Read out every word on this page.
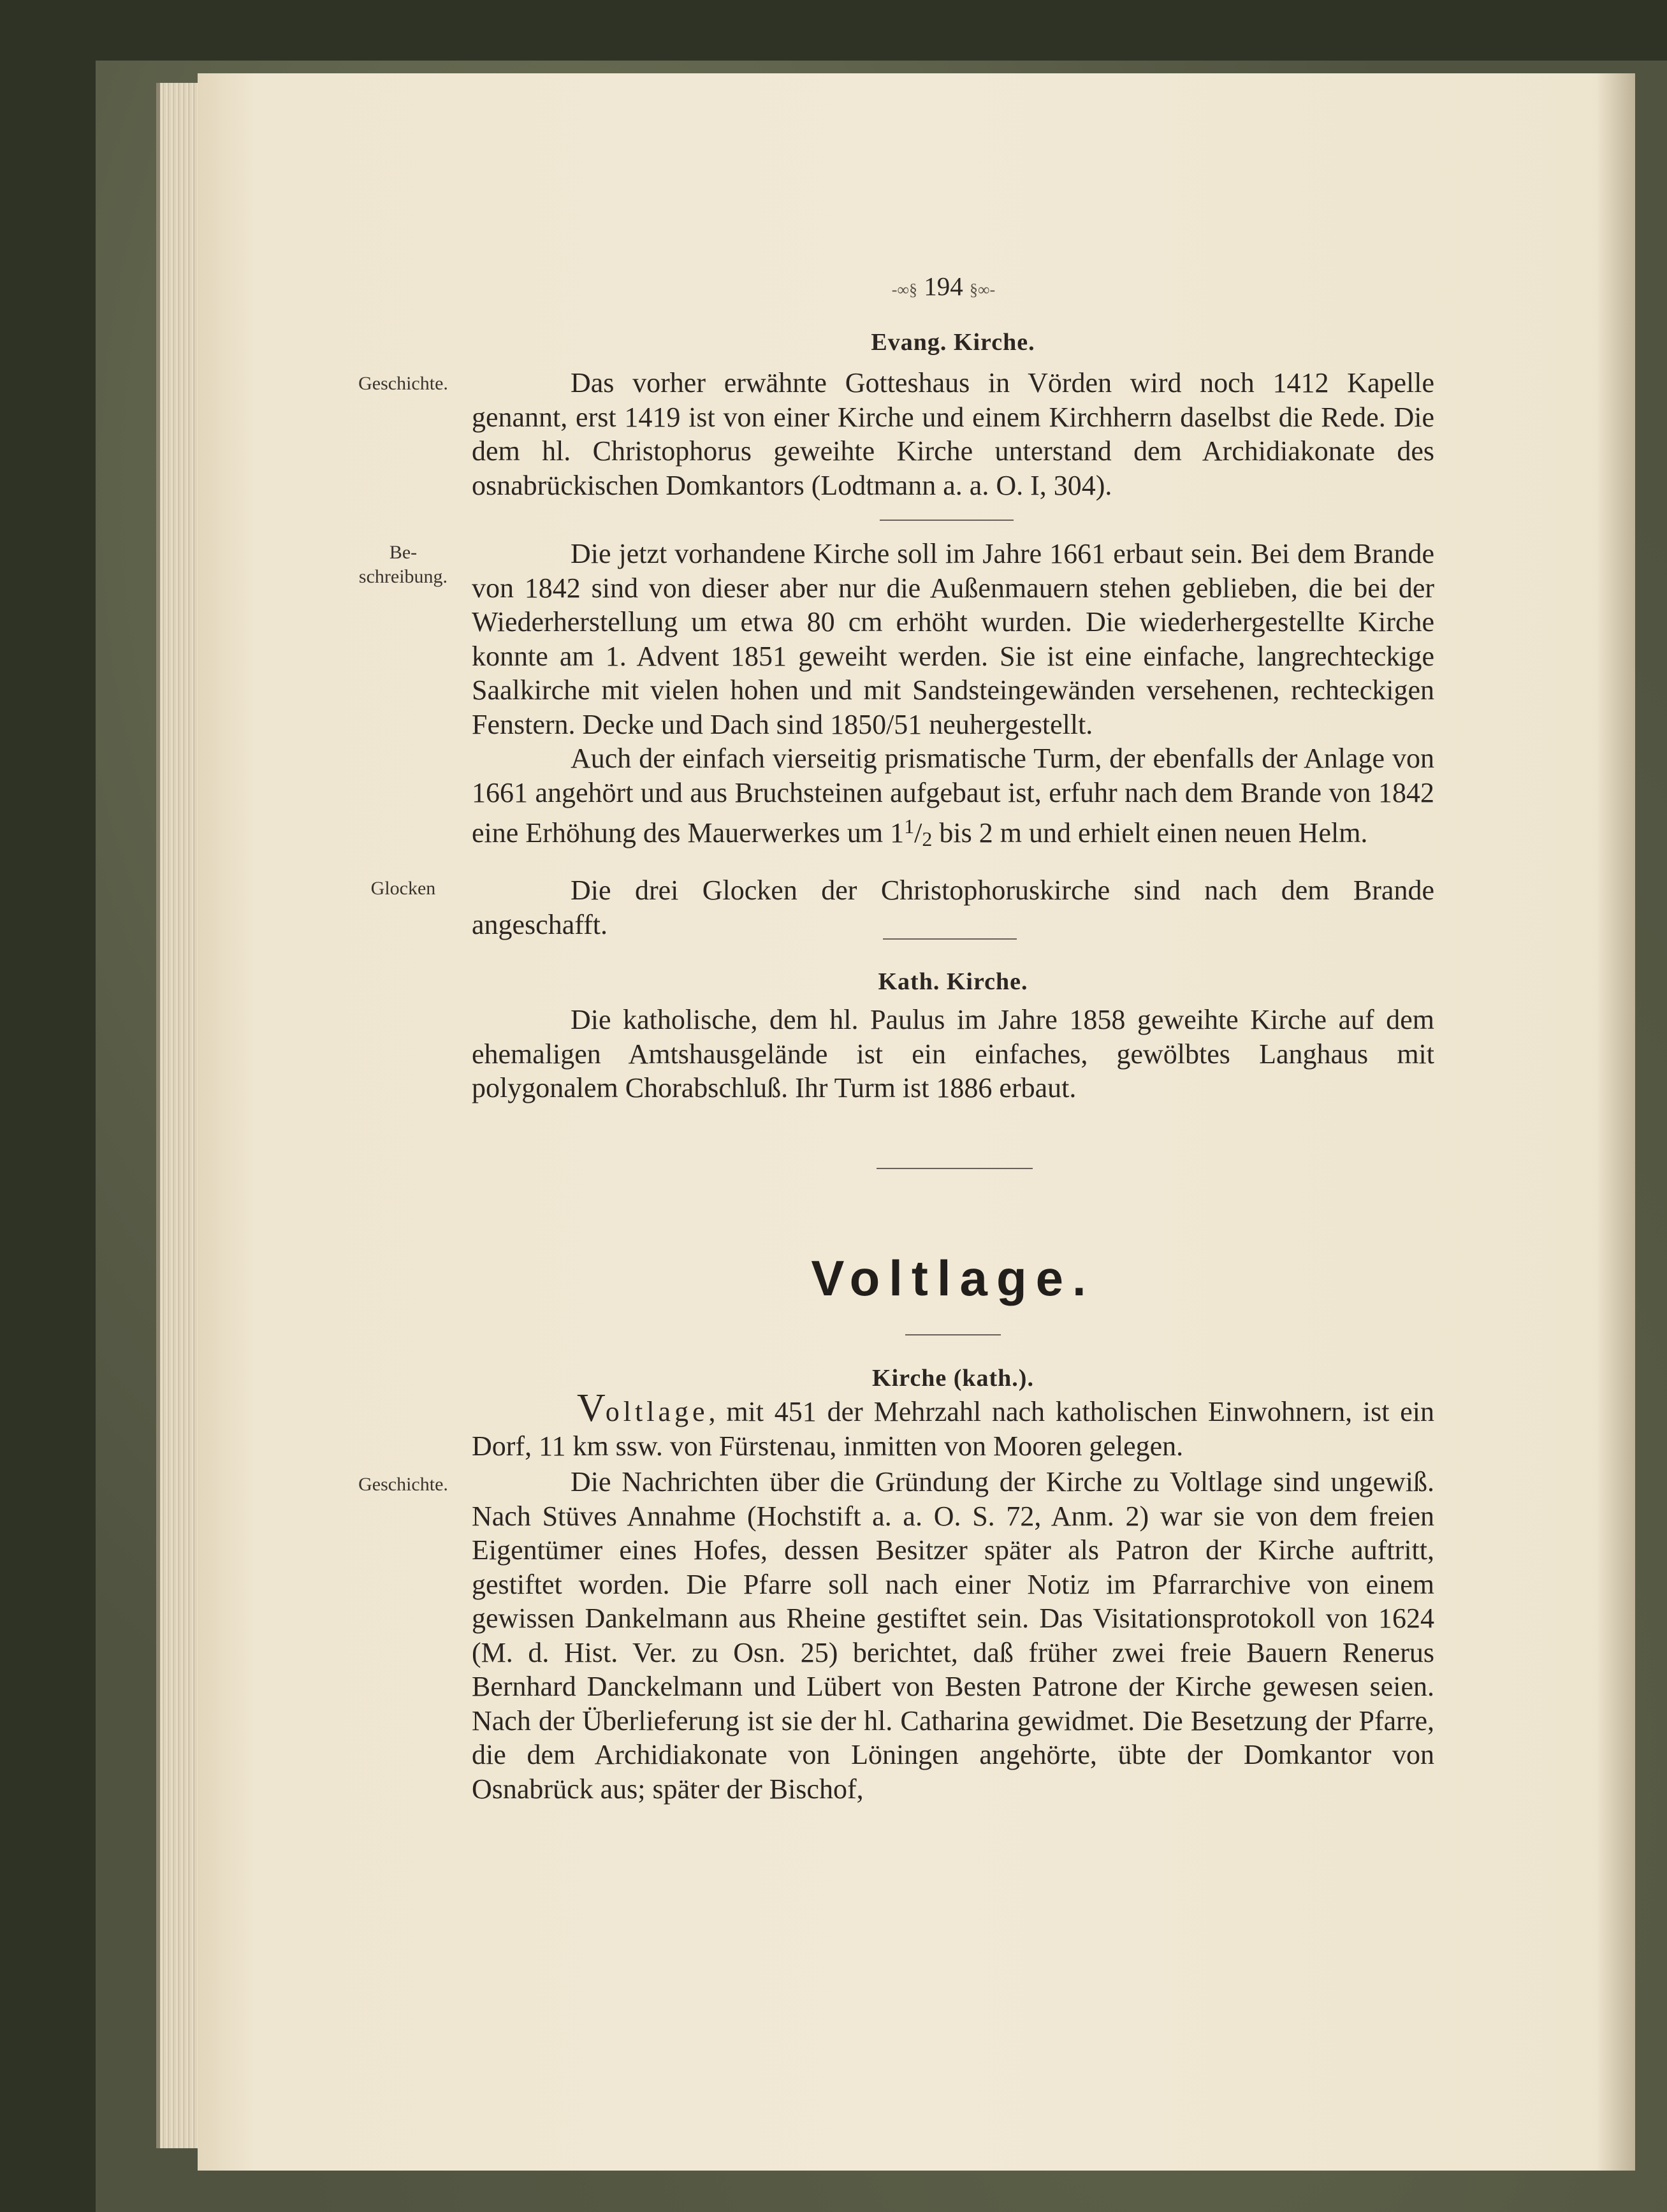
-∞§ 194 §∞-
Evang. Kirche.
Geschichte.	Das vorher erwähnte Gotteshaus in Vörden wird noch 1412 Kapelle genannt, erst 1419 ist von einer Kirche und einem Kirchherrn daselbst die Rede. Die dem hl. Christophorus geweihte Kirche unterstand dem Archidiakonate des osnabrückischen Domkantors (Lodtmann a. a. O. I, 304).

Be-
schreibung.

Die jetzt vorhandene Kirche soll im Jahre 1661 erbaut sein. Bei dem Brande von 1842 sind von dieser aber nur die Außenmauern stehen geblieben, die bei der Wiederherstellung um etwa 80 cm erhöht wurden. Die wiederhergestellte Kirche konnte am 1. Advent 1851 geweiht werden. Sie ist eine einfache, langrechteckige Saalkirche mit vielen hohen und mit Sandsteingewänden versehenen, rechteckigen Fenstern. Decke und Dach sind 1850/51 neuhergestellt.

Auch der einfach vierseitig prismatische Turm, der ebenfalls der Anlage von 1661 angehört und aus Bruchsteinen aufgebaut ist, erfuhr nach dem Brande von 1842 eine Erhöhung des Mauerwerkes um $1^1/2$ bis 2 m und erhielt einen neuen Helm.

Glocken	Die drei Glocken der Christophoruskirche sind nach dem Brande angeschafft.

Kath. Kirche.

Die katholische, dem hl. Paulus im Jahre 1858 geweihte Kirche auf dem ehemaligen Amtshausgelände ist ein einfaches, gewölbtes Langhaus mit polygonalem Chorabschluß. Ihr Turm ist 1886 erbaut.

Voltlage.
Kirche (kath.).

Voltlage, mit 451 der Mehrzahl nach katholischen Einwohnern, ist ein Dorf, 11 km ssw. von Fürstenau, inmitten von Mooren gelegen.

Geschichte.	Die Nachrichten über die Gründung der Kirche zu Voltlage sind ungewiß. Nach Stüves Annahme (Hochstift a. a. O. S. 72, Anm. 2) war sie von dem freien Eigentümer eines Hofes, dessen Besitzer später als Patron der Kirche auftritt, gestiftet worden. Die Pfarre soll nach einer Notiz im Pfarrarchive von einem gewissen Dankelmann aus Rheine gestiftet sein. Das Visitationsprotokoll von 1624 (M. d. Hist. Ver. zu Osn. 25) berichtet, daß früher zwei freie Bauern Renerus Bernhard Danckelmann und Lübert von Besten Patrone der Kirche gewesen seien. Nach der Überlieferung ist sie der hl. Catharina gewidmet. Die Besetzung der Pfarre, die dem Archidiakonate von Löningen angehörte, übte der Domkantor von Osnabrück aus; später der Bischof,
